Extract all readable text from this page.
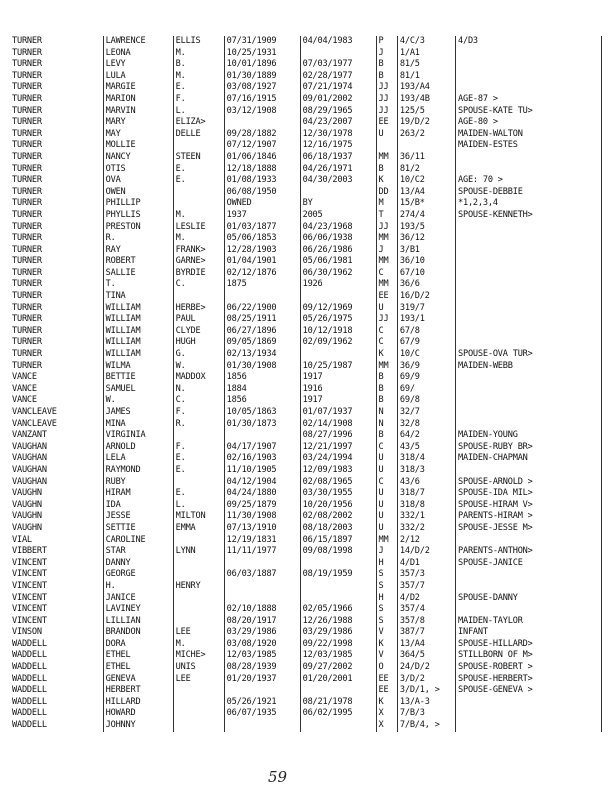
TURNER	LAWRENCE	ELLIS	07/31/1909	04/04/1983	P	4/C/3	4/D3
TURNER	LEONA	M.	10/25/1931		J	1/A1	
TURNER	LEVY	B.	10/01/1896	07/03/1977	B	81/5	
TURNER	LULA	M.	01/30/1889	02/28/1977	B	81/1	
TURNER	MARGIE	E.	03/08/1927	07/21/1974	JJ	193/A4	
TURNER	MARION	F.	07/16/1915	09/01/2002	JJ	193/4B	AGE-87 >
TURNER	MARVIN	L.	03/12/1908	08/29/1965	JJ	125/5	SPOUSE-KATE TU>
TURNER	MARY	ELIZA>		04/23/2007	EE	19/D/2	AGE-80 >
TURNER	MAY	DELLE	09/28/1882	12/30/1978	U	263/2	MAIDEN-WALTON
TURNER	MOLLIE		07/12/1907	12/16/1975			MAIDEN-ESTES
TURNER	NANCY	STEEN	01/06/1846	06/18/1937	MM	36/11	
TURNER	OTIS	E.	12/18/1888	04/26/1971	B	81/2	
TURNER	OVA	E.	01/08/1933	04/30/2003	K	10/C2	AGE: 70 >
TURNER	OWEN		06/08/1950		DD	13/A4	SPOUSE-DEBBIE
TURNER	PHILLIP		OWNED	BY	M	15/B*	*1,2,3,4
TURNER	PHYLLIS	M.	1937	2005	T	274/4	SPOUSE-KENNETH>
TURNER	PRESTON	LESLIE	01/03/1877	04/23/1968	JJ	193/5	
TURNER	R.	M.	05/06/1853	06/06/1938	MM	36/12	
TURNER	RAY	FRANK>	12/28/1903	06/26/1986	J	3/B1	
TURNER	ROBERT	GARNE>	01/04/1901	05/06/1981	MM	36/10	
TURNER	SALLIE	BYRDIE	02/12/1876	06/30/1962	C	67/10	
TURNER	T.	C.	1875	1926	MM	36/6	
TURNER	TINA				EE	16/D/2	
TURNER	WILLIAM	HERBE>	06/22/1900	09/12/1969	U	319/7	
TURNER	WILLIAM	PAUL	08/25/1911	05/26/1975	JJ	193/1	
TURNER	WILLIAM	CLYDE	06/27/1896	10/12/1918	C	67/8	
TURNER	WILLIAM	HUGH	09/05/1869	02/09/1962	C	67/9	
TURNER	WILLIAM	G.	02/13/1934		K	10/C	SPOUSE-OVA TUR>
TURNER	WILMA	W.	01/30/1908	10/25/1987	MM	36/9	MAIDEN-WEBB
VANCE	BETTIE	MADDOX	1856	1917	B	69/9	
VANCE	SAMUEL	N.	1884	1916	B	69/	
VANCE	W.	C.	1856	1917	B	69/8	
VANCLEAVE	JAMES	F.	10/05/1863	01/07/1937	N	32/7	
VANCLEAVE	MINA	R.	01/30/1873	02/14/1908	N	32/8	
VANZANT	VIRGINIA			08/27/1996	B	64/2	MAIDEN-YOUNG
VAUGHAN	ARNOLD	F.	04/17/1907	12/21/1997	C	43/5	SPOUSE-RUBY BR>
VAUGHAN	LELA	E.	02/16/1903	03/24/1994	U	318/4	MAIDEN-CHAPMAN
VAUGHAN	RAYMOND	E.	11/10/1905	12/09/1983	U	318/3	
VAUGHAN	RUBY		04/12/1904	02/08/1965	C	43/6	SPOUSE-ARNOLD >
VAUGHN	HIRAM	E.	04/24/1880	03/30/1955	U	318/7	SPOUSE-IDA MIL>
VAUGHN	IDA	L.	09/25/1879	10/20/1956	U	318/8	SPOUSE-HIRAM V>
VAUGHN	JESSE	MILTON	11/30/1908	02/08/2002	U	332/1	PARENTS-HIRAM >
VAUGHN	SETTIE	EMMA	07/13/1910	08/18/2003	U	332/2	SPOUSE-JESSE M>
VIAL	CAROLINE		12/19/1831	06/15/1897	MM	2/12	
VIBBERT	STAR	LYNN	11/11/1977	09/08/1998	J	14/D/2	PARENTS-ANTHON>
VINCENT	DANNY				H	4/D1	SPOUSE-JANICE
VINCENT	GEORGE		06/03/1887	08/19/1959	S	357/3	
VINCENT	H.	HENRY			S	357/7	
VINCENT	JANICE				H	4/D2	SPOUSE-DANNY
VINCENT	LAVINEY		02/10/1888	02/05/1966	S	357/4	
VINCENT	LILLIAN		08/20/1917	12/26/1988	S	357/8	MAIDEN-TAYLOR
VINSON	BRANDON	LEE	03/29/1986	03/29/1986	V	387/7	INFANT
WADDELL	DORA	M.	03/08/1920	09/22/1998	K	13/A4	SPOUSE-HILLARD>
WADDELL	ETHEL	MICHE>	12/03/1985	12/03/1985	V	364/5	STILLBORN OF M>
WADDELL	ETHEL	UNIS	08/28/1939	09/27/2002	O	24/D/2	SPOUSE-ROBERT >
WADDELL	GENEVA	LEE	01/20/1937	01/20/2001	EE	3/D/2	SPOUSE-HERBERT>
WADDELL	HERBERT				EE	3/D/1, >	SPOUSE-GENEVA >
WADDELL	HILLARD		05/26/1921	08/21/1978	K	13/A-3	
WADDELL	HOWARD		06/07/1935	06/02/1995	X	7/B/3	
WADDELL	JOHNNY				X	7/B/4, >	
59
